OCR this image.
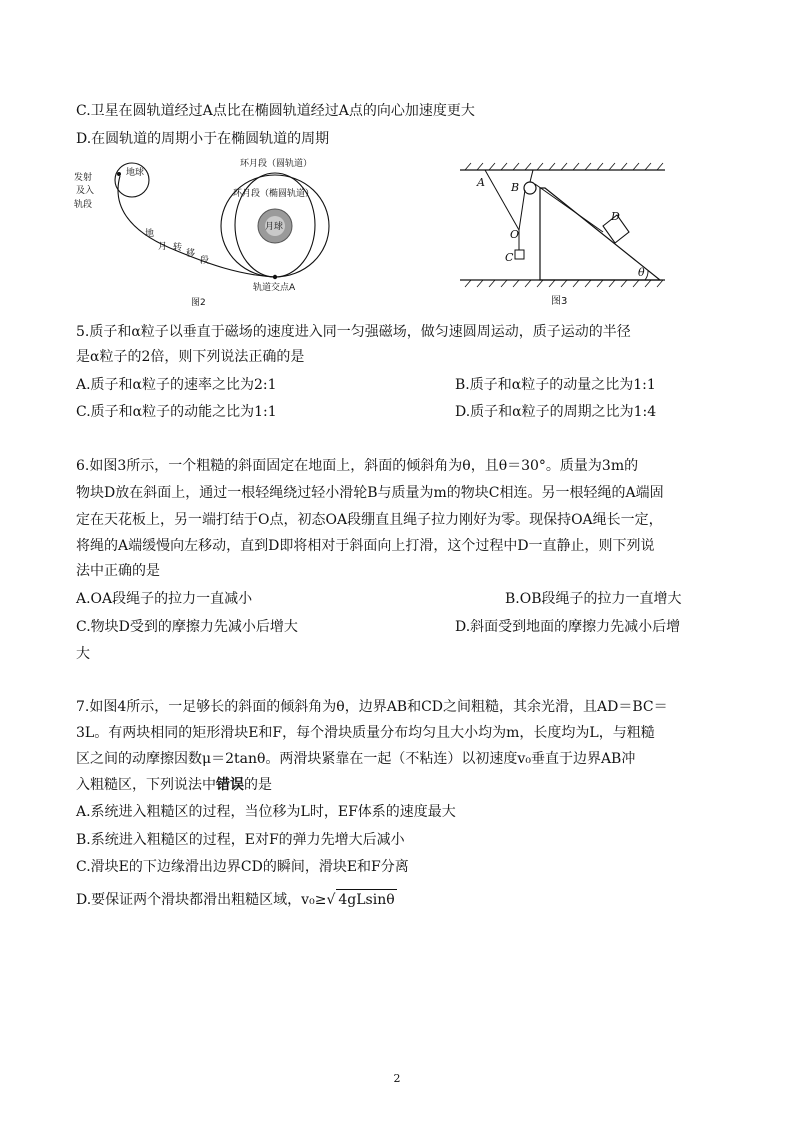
C.卫星在圆轨道经过A点比在椭圆轨道经过A点的向心加速度更大
D.在圆轨道的周期小于在椭圆轨道的周期
地球
发射
及入
轨段
地
月 转
移
段
月球
环月段（圆轨道）
环月段（椭圆轨道）
轨道交点A
图2
A B
O
C
D
θ
图3
5.质子和α粒子以垂直于磁场的速度进入同一匀强磁场，做匀速圆周运动，质子运动的半径
是α粒子的2倍，则下列说法正确的是
A.质子和α粒子的速率之比为2:1	B.质子和α粒子的动量之比为1:1
C.质子和α粒子的动能之比为1:1	D.质子和α粒子的周期之比为1:4
6.如图3所示，一个粗糙的斜面固定在地面上，斜面的倾斜角为θ，且θ＝30°。质量为3m的
物块D放在斜面上，通过一根轻绳绕过轻小滑轮B与质量为m的物块C相连。另一根轻绳的A端固
定在天花板上，另一端打结于O点，初态OA段绷直且绳子拉力刚好为零。现保持OA绳长一定，
将绳的A端缓慢向左移动，直到D即将相对于斜面向上打滑，这个过程中D一直静止，则下列说
法中正确的是
A.OA段绳子的拉力一直减小	B.OB段绳子的拉力一直增大
C.物块D受到的摩擦力先减小后增大	D.斜面受到地面的摩擦力先减小后增
大
7.如图4所示，一足够长的斜面的倾斜角为θ，边界AB和CD之间粗糙，其余光滑，且AD＝BC＝
3L。有两块相同的矩形滑块E和F，每个滑块质量分布均匀且大小均为m，长度均为L，与粗糙
区之间的动摩擦因数μ＝2tanθ。两滑块紧靠在一起（不粘连）以初速度v₀垂直于边界AB冲
入粗糙区，下列说法中错误的是
A.系统进入粗糙区的过程，当位移为L时，EF体系的速度最大
B.系统进入粗糙区的过程，E对F的弹力先增大后减小
C.滑块E的下边缘滑出边界CD的瞬间，滑块E和F分离
D.要保证两个滑块都滑出粗糙区域，v₀≥√ 4gLsinθ
2
